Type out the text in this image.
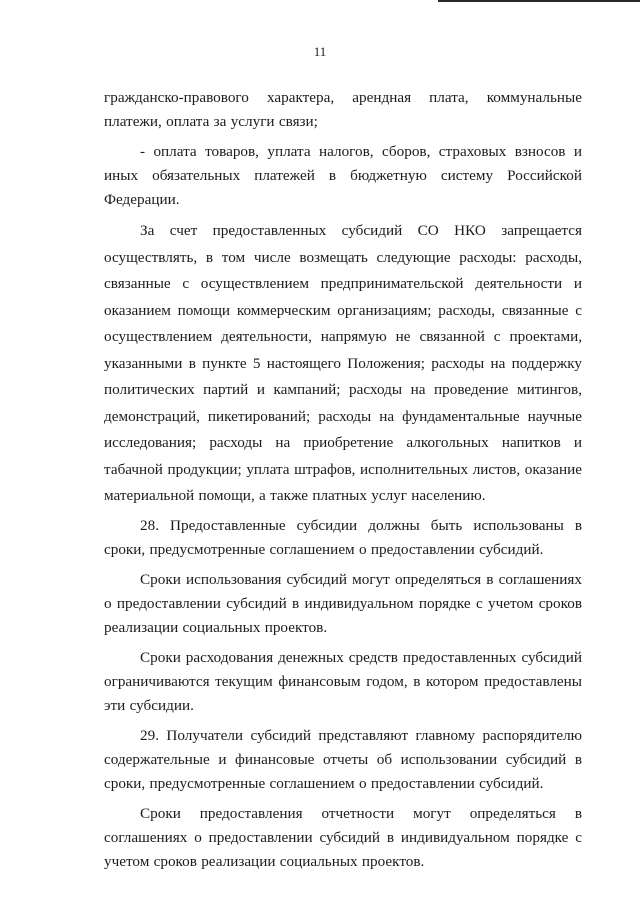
11

гражданско-правового характера, арендная плата, коммунальные платежи, оплата за услуги связи;

- оплата товаров, уплата налогов, сборов, страховых взносов и иных обязательных платежей в бюджетную систему Российской Федерации.

За счет предоставленных субсидий СО НКО запрещается осуществлять, в том числе возмещать следующие расходы: расходы, связанные с осуществлением предпринимательской деятельности и оказанием помощи коммерческим организациям; расходы, связанные с осуществлением деятельности, напрямую не связанной с проектами, указанными в пункте 5 настоящего Положения; расходы на поддержку политических партий и кампаний; расходы на проведение митингов, демонстраций, пикетирований; расходы на фундаментальные научные исследования; расходы на приобретение алкогольных напитков и табачной продукции; уплата штрафов, исполнительных листов, оказание материальной помощи, а также платных услуг населению.

28. Предоставленные субсидии должны быть использованы в сроки, предусмотренные соглашением о предоставлении субсидий.

Сроки использования субсидий могут определяться в соглашениях о предоставлении субсидий в индивидуальном порядке с учетом сроков реализации социальных проектов.

Сроки расходования денежных средств предоставленных субсидий ограничиваются текущим финансовым годом, в котором предоставлены эти субсидии.

29. Получатели субсидий представляют главному распорядителю содержательные и финансовые отчеты об использовании субсидий в сроки, предусмотренные соглашением о предоставлении субсидий.

Сроки предоставления отчетности могут определяться в соглашениях о предоставлении субсидий в индивидуальном порядке с учетом сроков реализации социальных проектов.
